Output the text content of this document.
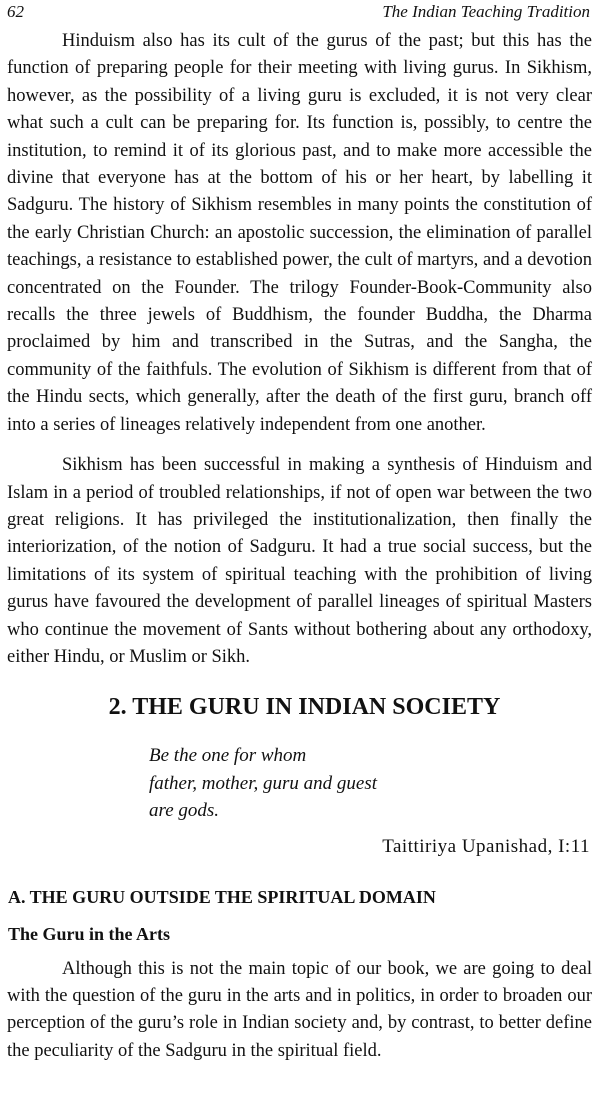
62	The Indian Teaching Tradition

Hinduism also has its cult of the gurus of the past; but this has the function of preparing people for their meeting with living gurus. In Sikhism, however, as the possibility of a living guru is excluded, it is not very clear what such a cult can be preparing for. Its function is, possibly, to centre the institution, to remind it of its glorious past, and to make more accessible the divine that everyone has at the bottom of his or her heart, by labelling it Sadguru. The history of Sikhism resembles in many points the constitution of the early Christian Church: an apostolic succession, the elimination of parallel teachings, a resistance to established power, the cult of martyrs, and a devotion concentrated on the Founder. The trilogy Founder-Book-Community also recalls the three jewels of Buddhism, the founder Buddha, the Dharma proclaimed by him and transcribed in the Sutras, and the Sangha, the community of the faithfuls. The evolution of Sikhism is different from that of the Hindu sects, which generally, after the death of the first guru, branch off into a series of lineages relatively independent from one another.

Sikhism has been successful in making a synthesis of Hinduism and Islam in a period of troubled relationships, if not of open war between the two great religions. It has privileged the institutionalization, then finally the interiorization, of the notion of Sadguru. It had a true social success, but the limitations of its system of spiritual teaching with the prohibition of living gurus have favoured the development of parallel lineages of spiritual Masters who continue the movement of Sants without bothering about any orthodoxy, either Hindu, or Muslim or Sikh.

2. THE GURU IN INDIAN SOCIETY
Be the one for whom
father, mother, guru and guest
are gods.
Taittiriya Upanishad, I:11
A. THE GURU OUTSIDE THE SPIRITUAL DOMAIN
The Guru in the Arts

Although this is not the main topic of our book, we are going to deal with the question of the guru in the arts and in politics, in order to broaden our perception of the guru’s role in Indian society and, by contrast, to better define the peculiarity of the Sadguru in the spiritual field.
